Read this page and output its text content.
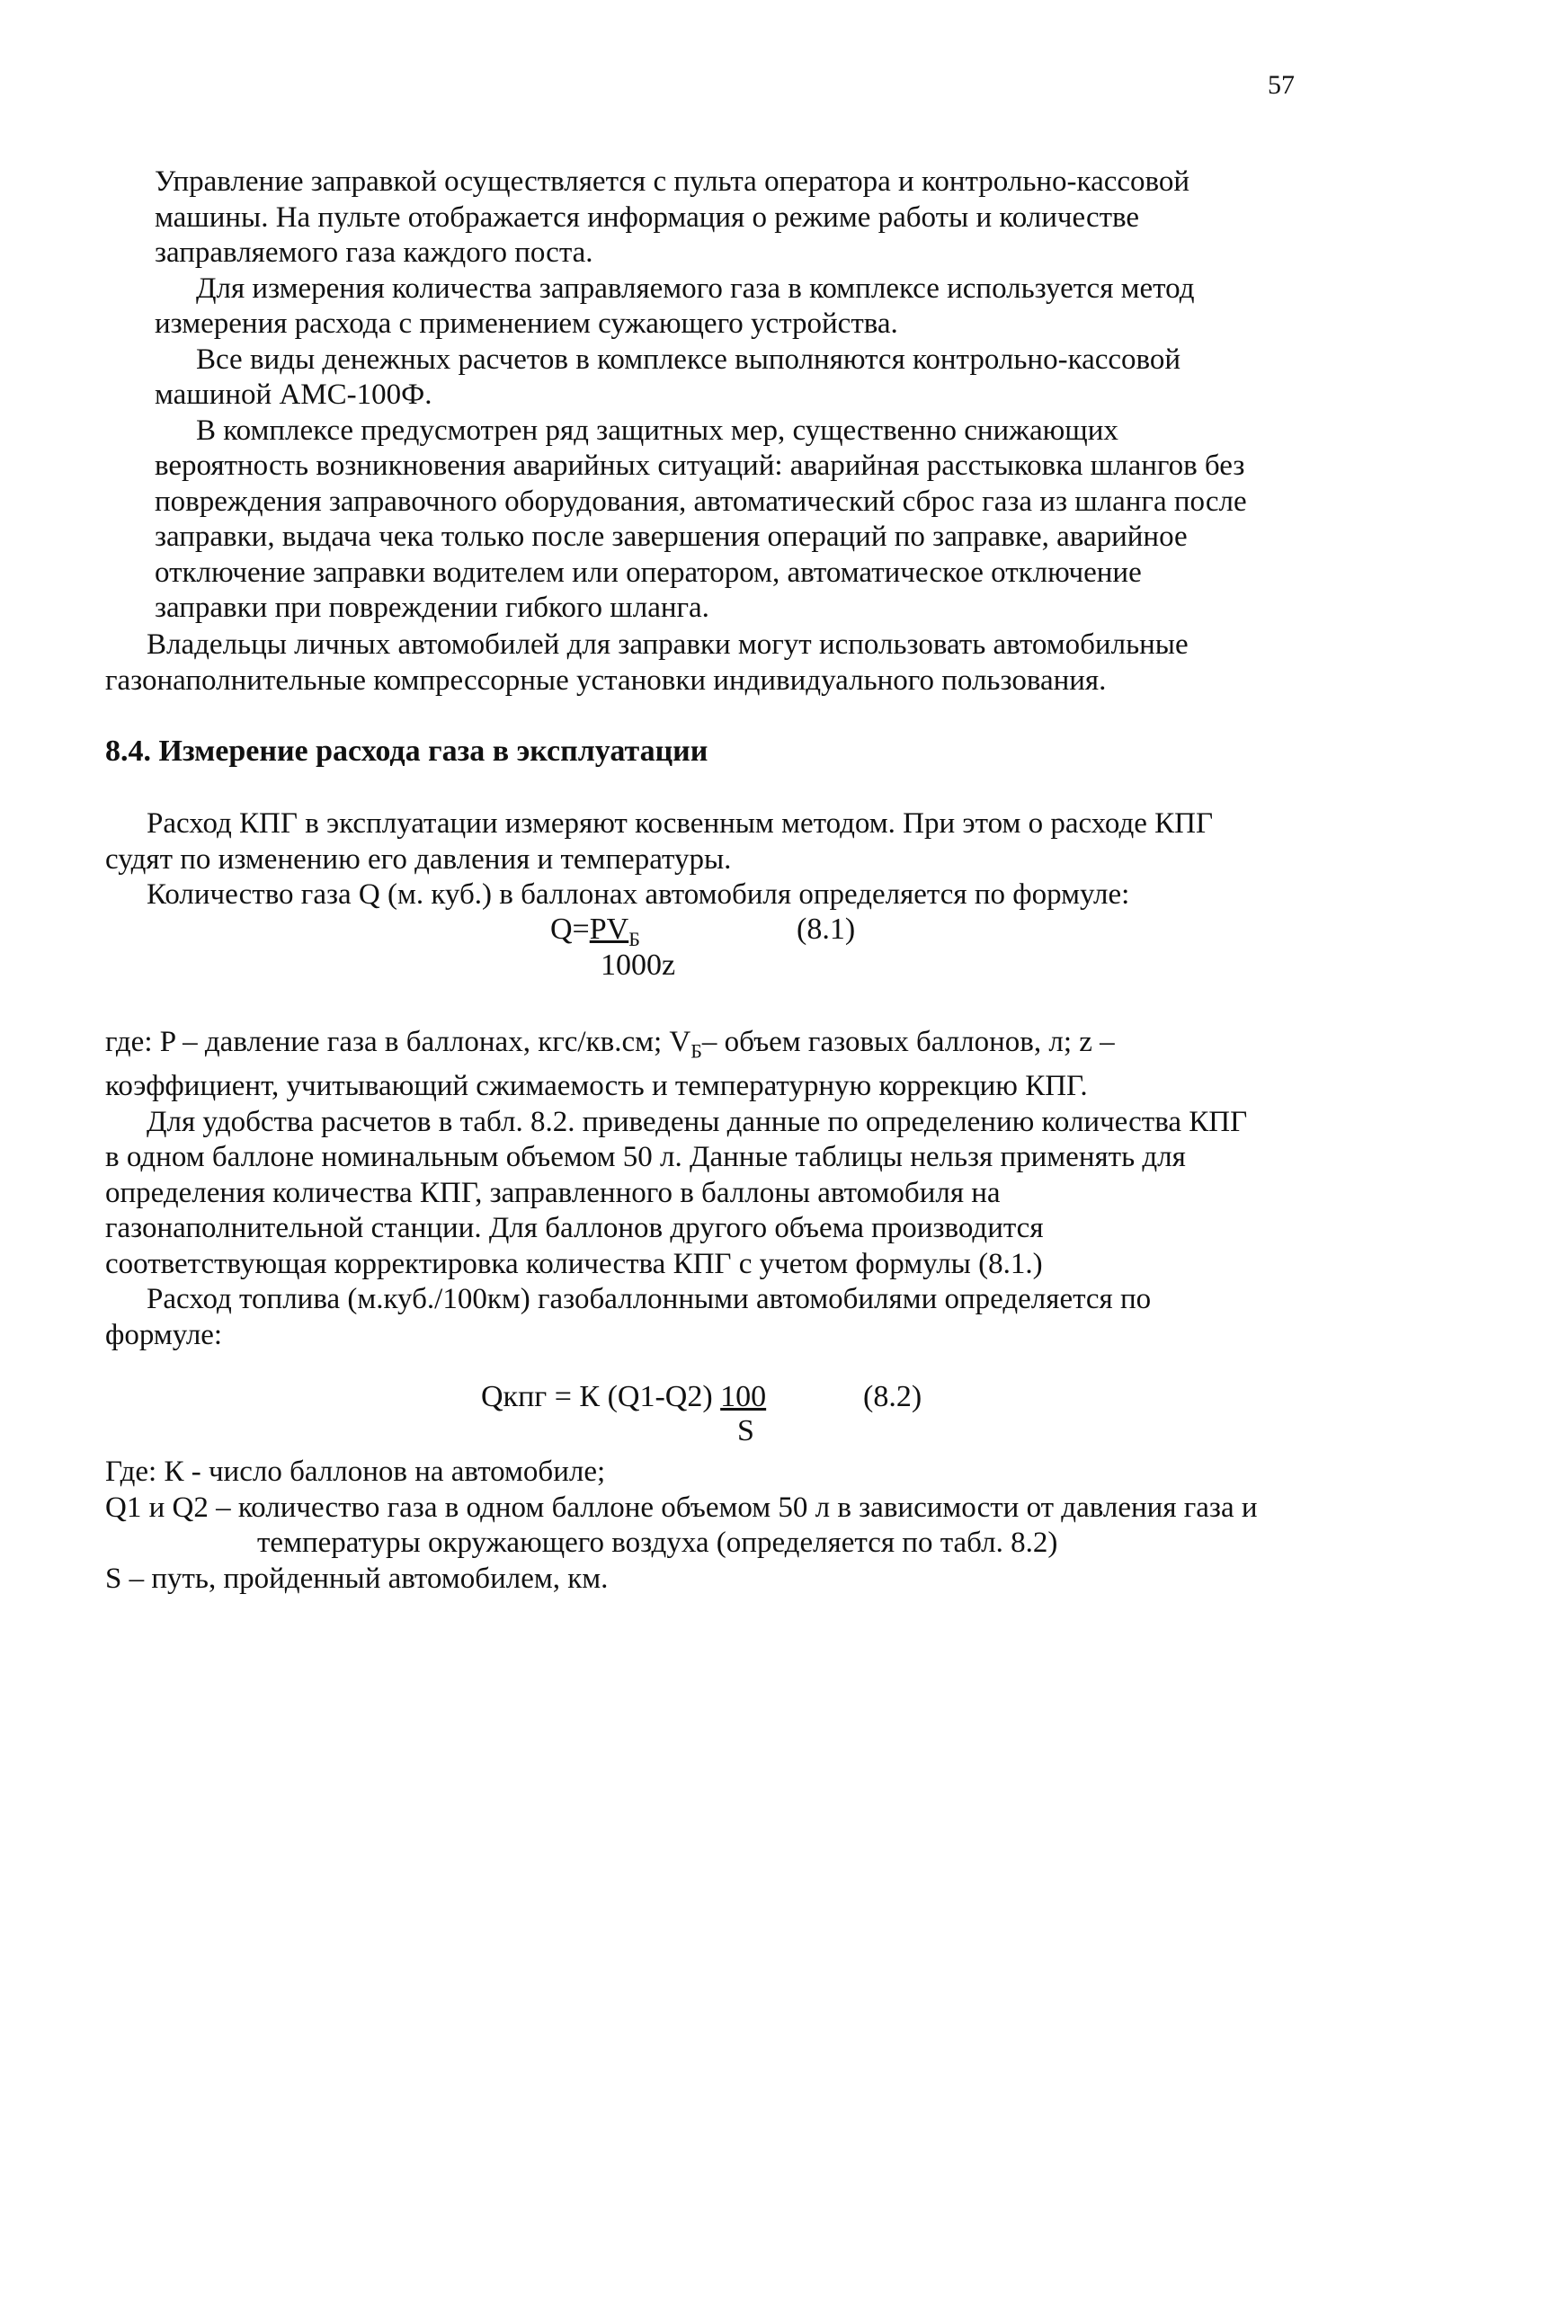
57
Управление заправкой осуществляется с пульта оператора и контрольно-кассовой
машины. На пульте отображается информация о режиме работы и количестве
заправляемого газа каждого поста.
Для измерения количества заправляемого газа в комплексе используется метод
измерения расхода с применением сужающего устройства.
Все виды денежных расчетов в комплексе выполняются контрольно-кассовой
машиной АМС-100Ф.
В комплексе предусмотрен ряд защитных мер, существенно снижающих
вероятность возникновения аварийных ситуаций: аварийная расстыковка шлангов без
повреждения заправочного оборудования, автоматический сброс газа из шланга после
заправки, выдача чека только после завершения операций по заправке, аварийное
отключение заправки водителем или оператором, автоматическое отключение
заправки при повреждении гибкого шланга.
Владельцы личных автомобилей для заправки могут использовать автомобильные
газонаполнительные компрессорные установки индивидуального пользования.
8.4. Измерение расхода газа в эксплуатации
Расход КПГ в эксплуатации измеряют косвенным методом. При этом о расходе КПГ
судят по изменению его давления и температуры.
Количество газа Q (м. куб.) в баллонах автомобиля определяется по формуле:
$Q=PV_Б$	(8.1)
1000z
где: P – давление газа в баллонах, кгс/кв.см; $V_Б-$ объем газовых баллонов, л; z –
коэффициент, учитывающий сжимаемость и температурную коррекцию КПГ.
Для удобства расчетов в табл. 8.2. приведены данные по определению количества КПГ
в одном баллоне номинальным объемом 50 л. Данные таблицы нельзя применять для
определения количества КПГ, заправленного в баллоны автомобиля на
газонаполнительной станции. Для баллонов другого объема производится
соответствующая корректировка количества КПГ с учетом формулы (8.1.)
Расход топлива (м.куб./100км) газобаллонными автомобилями определяется по
формуле:
Qкпг = К (Q1-Q2) 100	(8.2)
S
Где: К - число баллонов на автомобиле;
Q1 и Q2 – количество газа в одном баллоне объемом 50 л в зависимости от давления газа и
температуры окружающего воздуха (определяется по табл. 8.2)
S – путь, пройденный автомобилем, км.
